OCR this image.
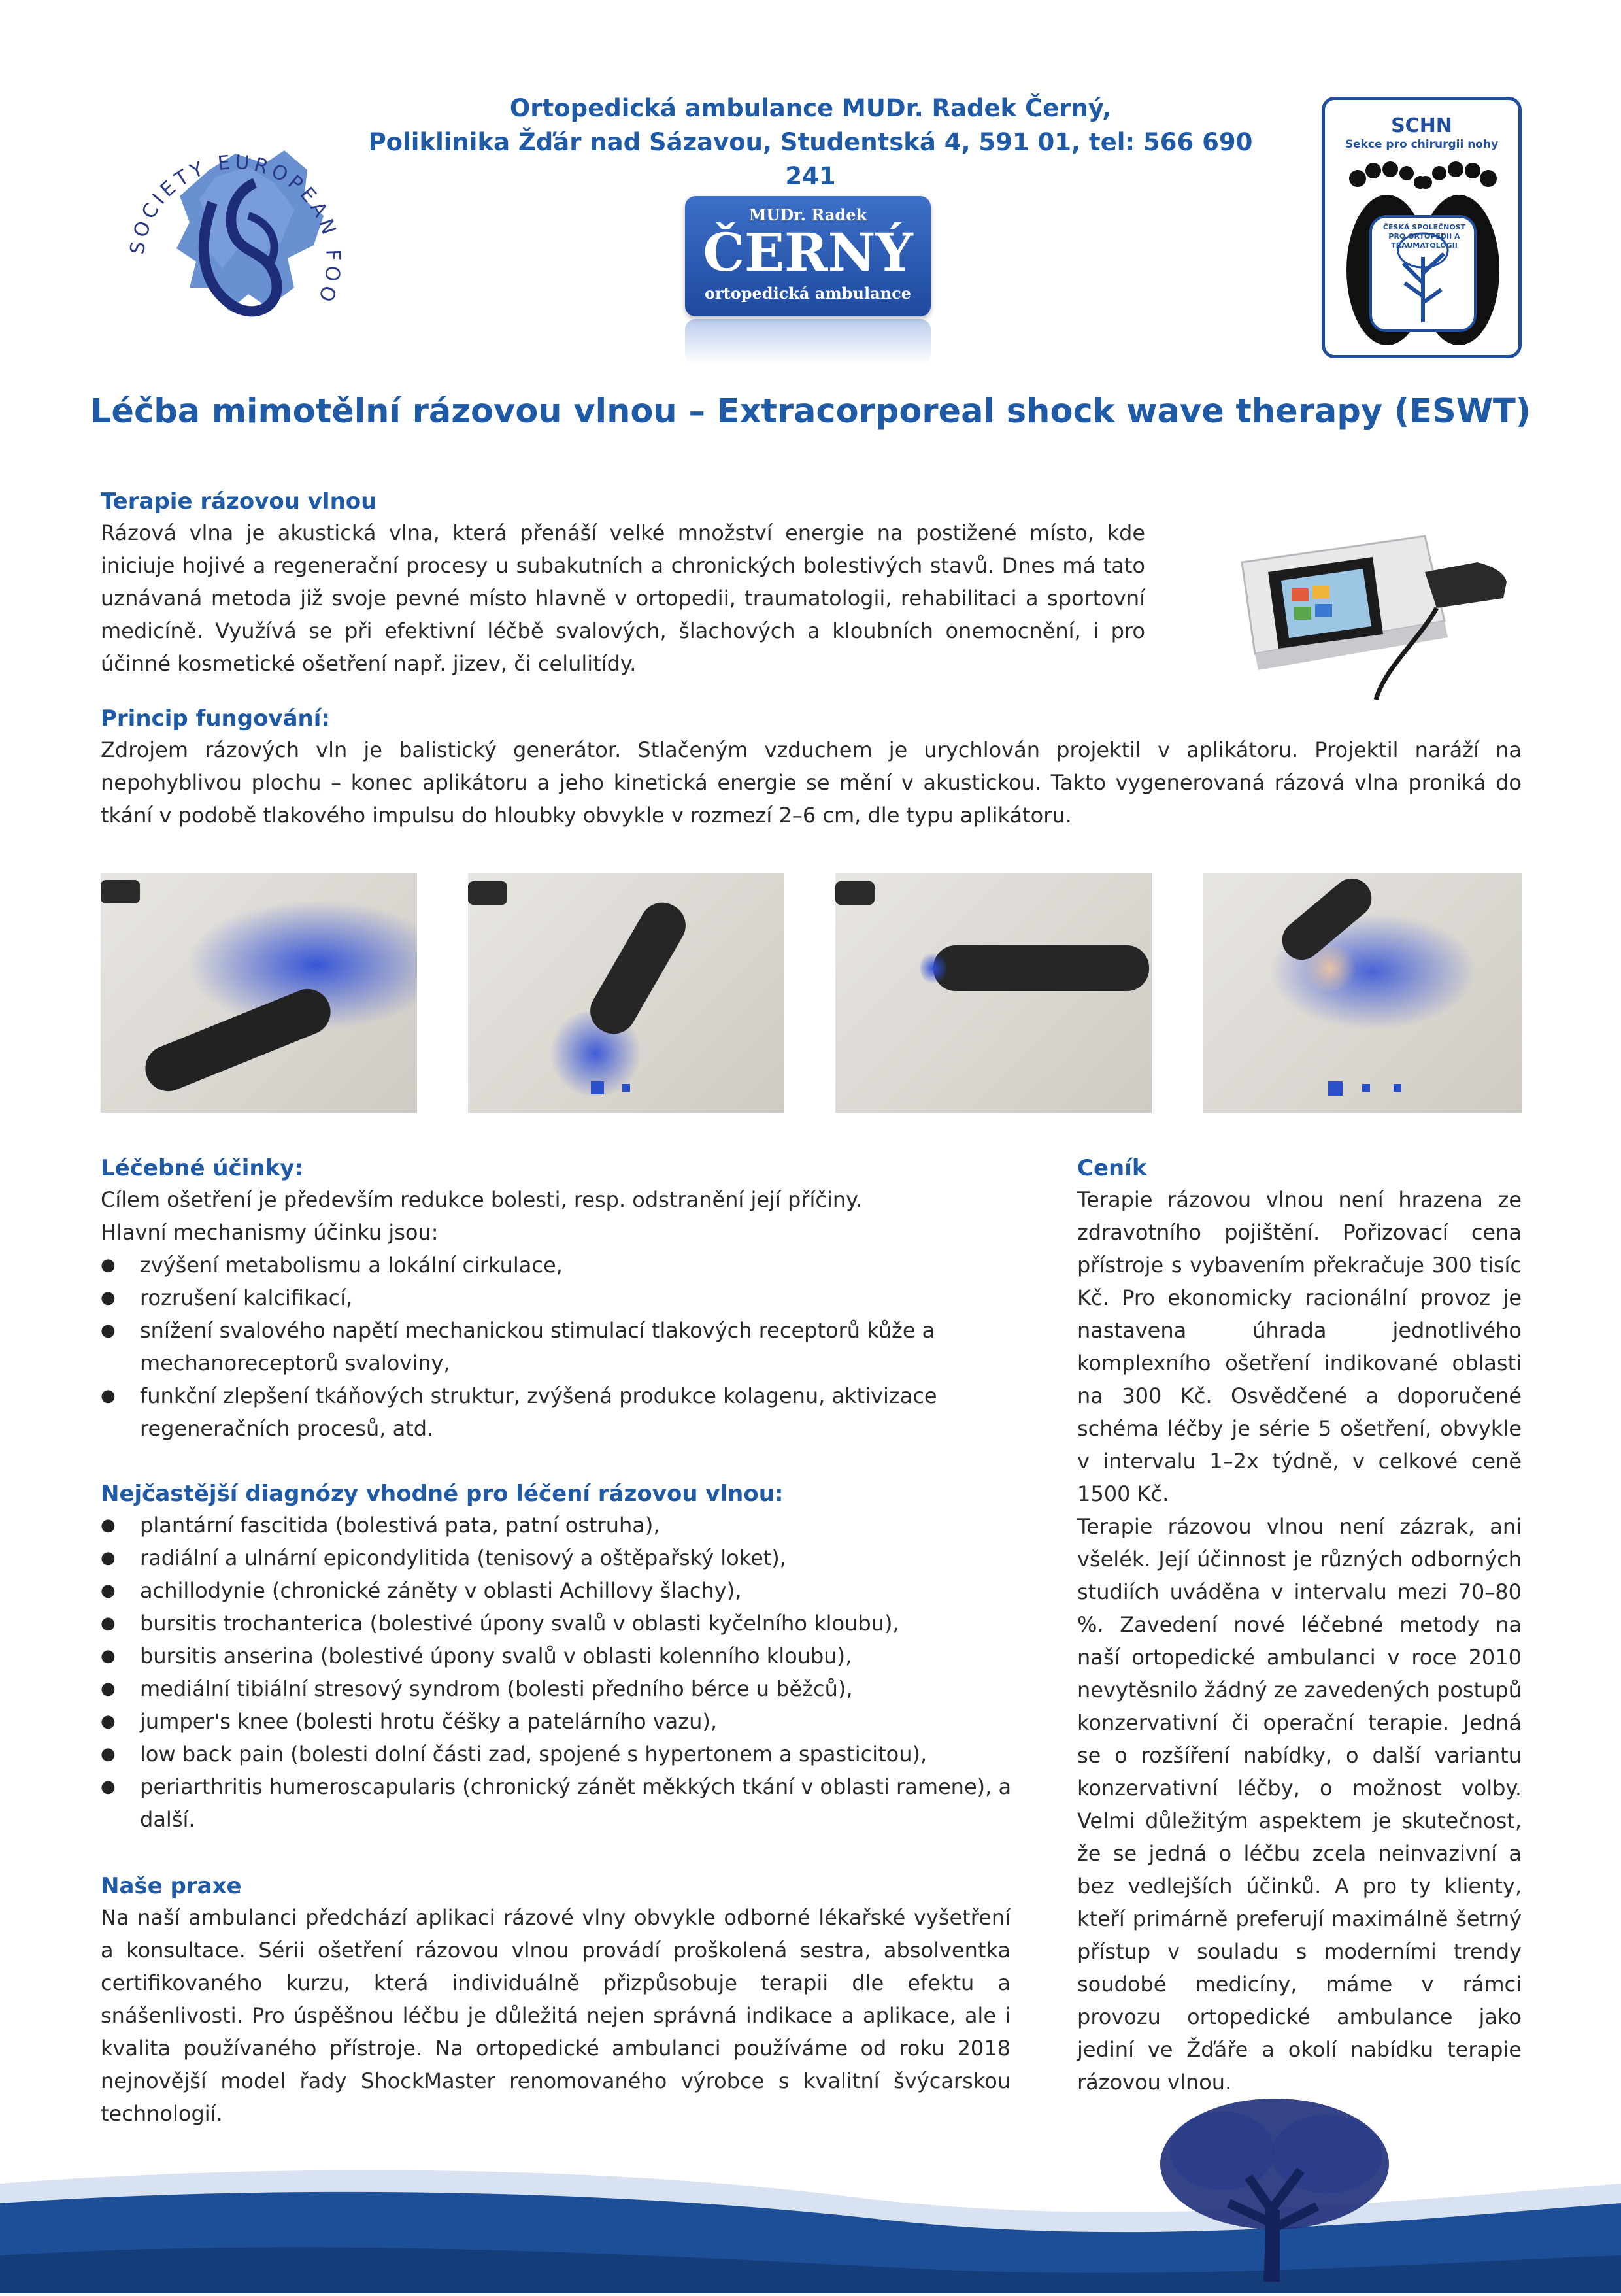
SOCIETY EUROPEAN FOO
Ortopedická ambulance MUDr. Radek Černý,
Poliklinika Žďár nad Sázavou, Studentská 4, 591 01, tel: 566 690 241
MUDr. Radek
ČERNÝ
ortopedická ambulance
SCHN
Sekce pro chirurgii nohy
ČESKÁ SPOLEČNOST PRO ORTOPEDII A TRAUMATOLOGII
Léčba mimotělní rázovou vlnou – Extracorporeal shock wave therapy (ESWT)
Terapie rázovou vlnou
Rázová vlna je akustická vlna, která přenáší velké množství energie na postižené místo, kde iniciuje hojivé a regenerační procesy u subakutních a chronických bolestivých stavů. Dnes má tato uznávaná metoda již svoje pevné místo hlavně v ortopedii, traumatologii, rehabilitaci a sportovní medicíně. Využívá se při efektivní léčbě svalových, šlachových a kloubních onemocnění, i pro účinné kosmetické ošetření např. jizev, či celulitídy.
Princip fungování:
Zdrojem rázových vln je balistický generátor. Stlačeným vzduchem je urychlován projektil v aplikátoru. Projektil naráží na nepohyblivou plochu – konec aplikátoru a jeho kinetická energie se mění v akustickou. Takto vygenerovaná rázová vlna proniká do tkání v podobě tlakového impulsu do hloubky obvykle v rozmezí 2–6 cm, dle typu aplikátoru.
Léčebné účinky:
Cílem ošetření je především redukce bolesti, resp. odstranění její příčiny.
Hlavní mechanismy účinku jsou:
● zvýšení metabolismu a lokální cirkulace,
● rozrušení kalcifikací,
● snížení svalového napětí mechanickou stimulací tlakových receptorů kůže a mechanoreceptorů svaloviny,
● funkční zlepšení tkáňových struktur, zvýšená produkce kolagenu, aktivizace regeneračních procesů, atd.
Nejčastější diagnózy vhodné pro léčení rázovou vlnou:
● plantární fascitida (bolestivá pata, patní ostruha),
● radiální a ulnární epicondylitida (tenisový a oštěpařský loket),
● achillodynie (chronické záněty v oblasti Achillovy šlachy),
● bursitis trochanterica (bolestivé úpony svalů v oblasti kyčelního kloubu),
● bursitis anserina (bolestivé úpony svalů v oblasti kolenního kloubu),
● mediální tibiální stresový syndrom (bolesti předního bérce u běžců),
● jumper's knee (bolesti hrotu čéšky a patelárního vazu),
● low back pain (bolesti dolní části zad, spojené s hypertonem a spasticitou),
● periarthritis humeroscapularis (chronický zánět měkkých tkání v oblasti ramene), a další.
Naše praxe
Na naší ambulanci předchází aplikaci rázové vlny obvykle odborné lékařské vyšetření a konsultace. Sérii ošetření rázovou vlnou provádí proškolená sestra, absolventka certifikovaného kurzu, která individuálně přizpůsobuje terapii dle efektu a snášenlivosti. Pro úspěšnou léčbu je důležitá nejen správná indikace a aplikace, ale i kvalita používaného přístroje. Na ortopedické ambulanci používáme od roku 2018 nejnovější model řady ShockMaster renomovaného výrobce s kvalitní švýcarskou technologií.
Ceník
Terapie rázovou vlnou není hrazena ze zdravotního pojištění. Pořizovací cena přístroje s vybavením překračuje 300 tisíc Kč. Pro ekonomicky racionální provoz je nastavena úhrada jednotlivého komplexního ošetření indikované oblasti na 300 Kč. Osvědčené a doporučené schéma léčby je série 5 ošetření, obvykle v intervalu 1–2x týdně, v celkové ceně 1500 Kč.
Terapie rázovou vlnou není zázrak, ani všelék. Její účinnost je různých odborných studiích uváděna v intervalu mezi 70–80 %. Zavedení nové léčebné metody na naší ortopedické ambulanci v roce 2010 nevytěsnilo žádný ze zavedených postupů konzervativní či operační terapie. Jedná se o rozšíření nabídky, o další variantu konzervativní léčby, o možnost volby. Velmi důležitým aspektem je skutečnost, že se jedná o léčbu zcela neinvazivní a bez vedlejších účinků. A pro ty klienty, kteří primárně preferují maximálně šetrný přístup v souladu s moderními trendy soudobé medicíny, máme v rámci provozu ortopedické ambulance jako jediní ve Žďáře a okolí nabídku terapie rázovou vlnou.
